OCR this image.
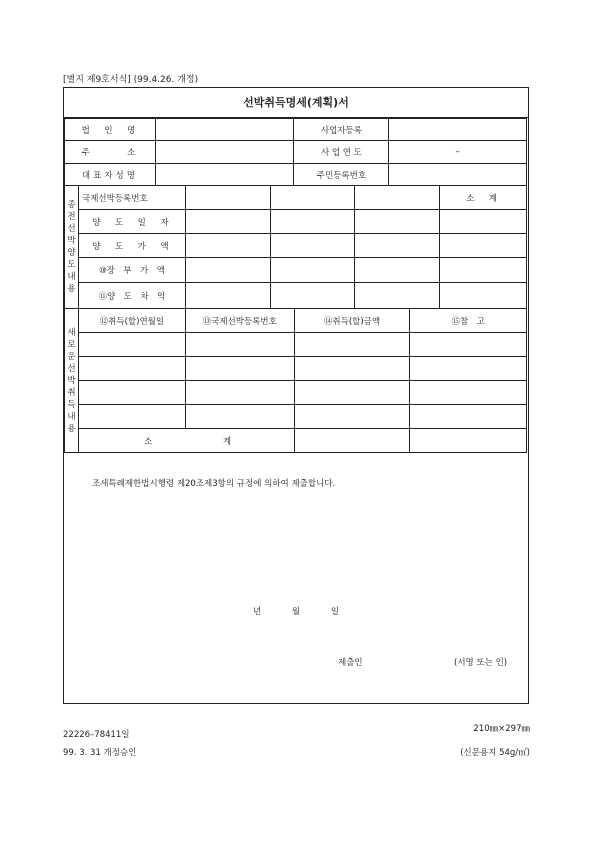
[별지 제9호서식] (99.4.26. 개정)
선박취득명세(계획)서
법　인　명		사업자등록	
주　　　소		사 업 연 도	–
대표자성명		주민등록번호	
종전선박양도내용	국제선박등록번호				소　계
	양　도　일　자				
	양　도　가　액				
	⑩장　부　가　액				
	⑪양　도　차　익				
새로운선박취득내용	⑫취득(할)연월일	⑬국제선박등록번호	⑭취득(할)금액	⑮참　고

	소 계			
조세특례제한법시행령 제20조제3항의 규정에 의하여 제출합니다.
년	월	일
제출인	(서명 또는 인)
22226–78411일
99. 3. 31 개정승인
210㎜×297㎜
(신문용지 54g/㎡)
